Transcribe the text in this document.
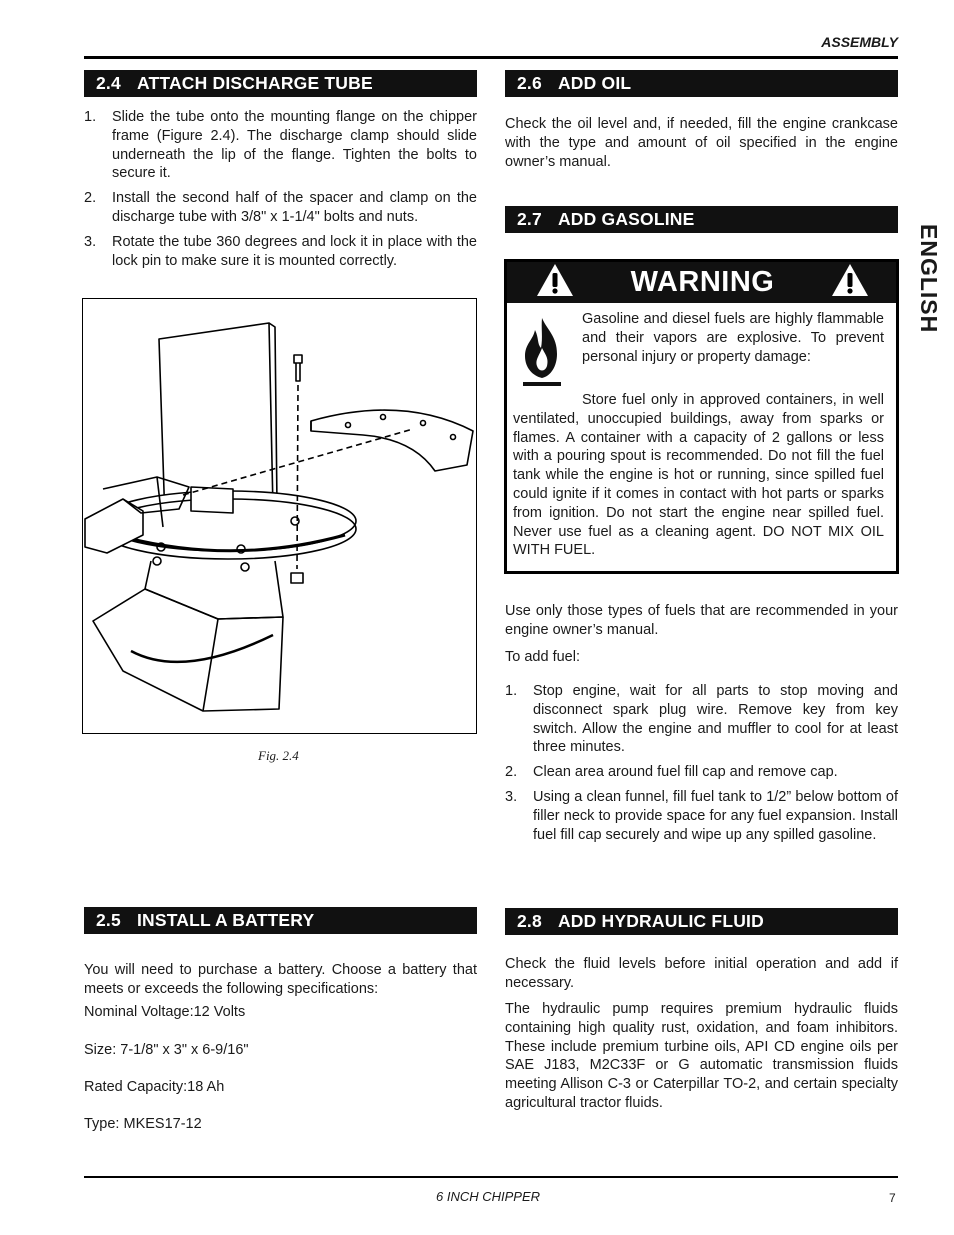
ASSEMBLY
ENGLISH
2.4 ATTACH DISCHARGE TUBE
1. Slide the tube onto the mounting flange on the chipper frame (Figure 2.4). The discharge clamp should slide underneath the lip of the flange. Tighten the bolts to secure it.
2. Install the second half of the spacer and clamp on the discharge tube with 3/8" x 1-1/4" bolts and nuts.
3. Rotate the tube 360 degrees and lock it in place with the lock pin to make sure it is mounted correctly.
Fig. 2.4
2.5 INSTALL A BATTERY
You will need to purchase a battery. Choose a battery that meets or exceeds the following specifications:
Nominal Voltage:12 Volts
Size: 7-1/8" x 3" x 6-9/16"
Rated Capacity:18 Ah
Type: MKES17-12
2.6 ADD OIL
Check the oil level and, if needed, fill the engine crankcase with the type and amount of oil specified in the engine owner’s manual.
2.7 ADD GASOLINE
WARNING
Gasoline and diesel fuels are highly flammable and their vapors are explosive. To prevent personal injury or property damage:
Store fuel only in approved containers, in well ventilated, unoccupied buildings, away from sparks or flames. A container with a capacity of 2 gallons or less with a pouring spout is recommended. Do not fill the fuel tank while the engine is hot or running, since spilled fuel could ignite if it comes in contact with hot parts or sparks from ignition. Do not start the engine near spilled fuel. Never use fuel as a cleaning agent. DO NOT MIX OIL WITH FUEL.
Use only those types of fuels that are recommended in your engine owner’s manual.
To add fuel:
1. Stop engine, wait for all parts to stop moving and disconnect spark plug wire. Remove key from key switch. Allow the engine and muffler to cool for at least three minutes.
2. Clean area around fuel fill cap and remove cap.
3. Using a clean funnel, fill fuel tank to 1/2” below bottom of filler neck to provide space for any fuel expansion. Install fuel fill cap securely and wipe up any spilled gasoline.
2.8 ADD HYDRAULIC FLUID
Check the fluid levels before initial operation and add if necessary.
The hydraulic pump requires premium hydraulic fluids containing high quality rust, oxidation, and foam inhibitors. These include premium turbine oils, API CD engine oils per SAE J183, M2C33F or G automatic transmission fluids meeting Allison C-3 or Caterpillar TO-2, and certain specialty agricultural tractor fluids.
6 INCH CHIPPER	7
